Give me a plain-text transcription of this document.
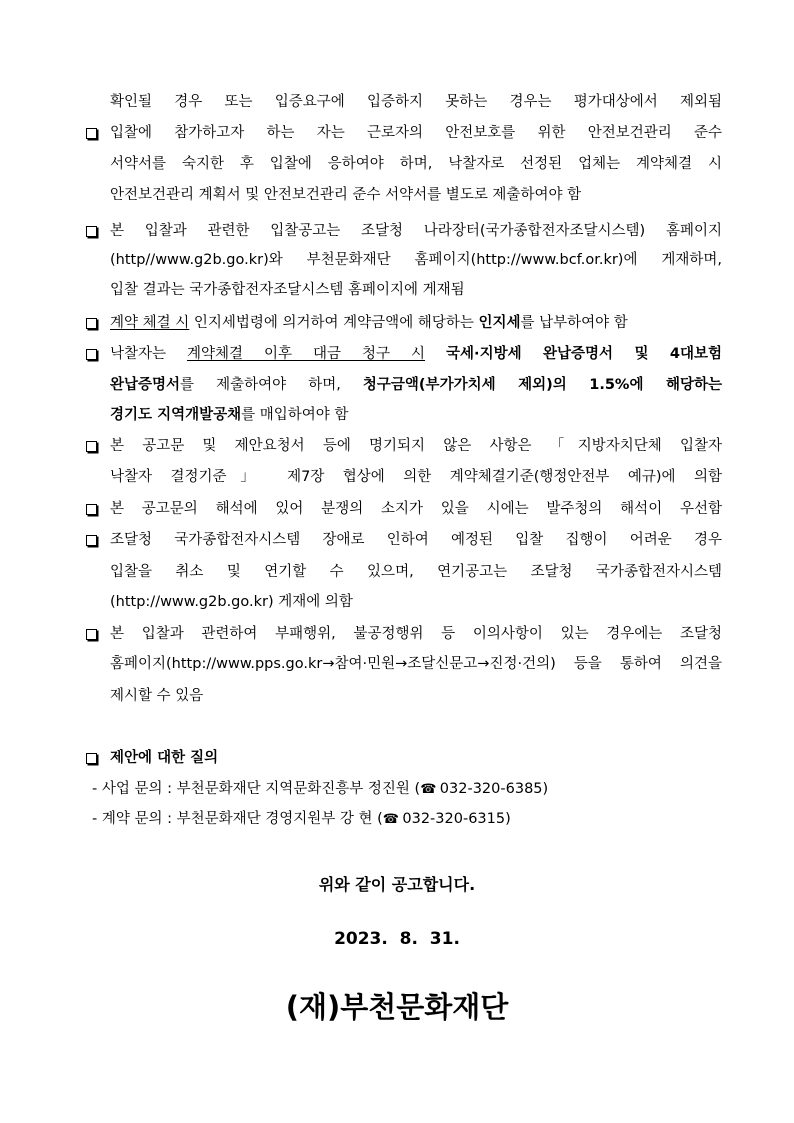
확인될 경우 또는 입증요구에 입증하지 못하는 경우는 평가대상에서 제외됨
입찰에 참가하고자 하는 자는 근로자의 안전보호를 위한 안전보건관리 준수
서약서를 숙지한 후 입찰에 응하여야 하며, 낙찰자로 선정된 업체는 계약체결 시
안전보건관리 계획서 및 안전보건관리 준수 서약서를 별도로 제출하여야 함
본 입찰과 관련한 입찰공고는 조달청 나라장터(국가종합전자조달시스템) 홈페이지
(http//www.g2b.go.kr)와 부천문화재단 홈페이지(http://www.bcf.or.kr)에 게재하며,
입찰 결과는 국가종합전자조달시스템 홈페이지에 게재됨
계약 체결 시 인지세법령에 의거하여 계약금액에 해당하는 인지세를 납부하여야 함
낙찰자는 계약체결 이후 대금 청구 시 국세·지방세 완납증명서 및 4대보험
완납증명서를 제출하여야 하며, 청구금액(부가가치세 제외)의 1.5%에 해당하는
경기도 지역개발공채를 매입하여야 함
본 공고문 및 제안요청서 등에 명기되지 않은 사항은 「지방자치단체 입찰자
낙찰자 결정기준」 제7장 협상에 의한 계약체결기준(행정안전부 예규)에 의함
본 공고문의 해석에 있어 분쟁의 소지가 있을 시에는 발주청의 해석이 우선함
조달청 국가종합전자시스템 장애로 인하여 예정된 입찰 집행이 어려운 경우
입찰을 취소 및 연기할 수 있으며, 연기공고는 조달청 국가종합전자시스템
(http://www.g2b.go.kr) 게재에 의함
본 입찰과 관련하여 부패행위, 불공정행위 등 이의사항이 있는 경우에는 조달청
홈페이지(http://www.pps.go.kr→참여·민원→조달신문고→진정·건의) 등을 통하여 의견을
제시할 수 있음
제안에 대한 질의
- 사업 문의 : 부천문화재단 지역문화진흥부 정진원 (☎ 032-320-6385)
- 계약 문의 : 부천문화재단 경영지원부 강 현 (☎ 032-320-6315)
위와 같이 공고합니다.
2023.  8.  31.
(재)부천문화재단
